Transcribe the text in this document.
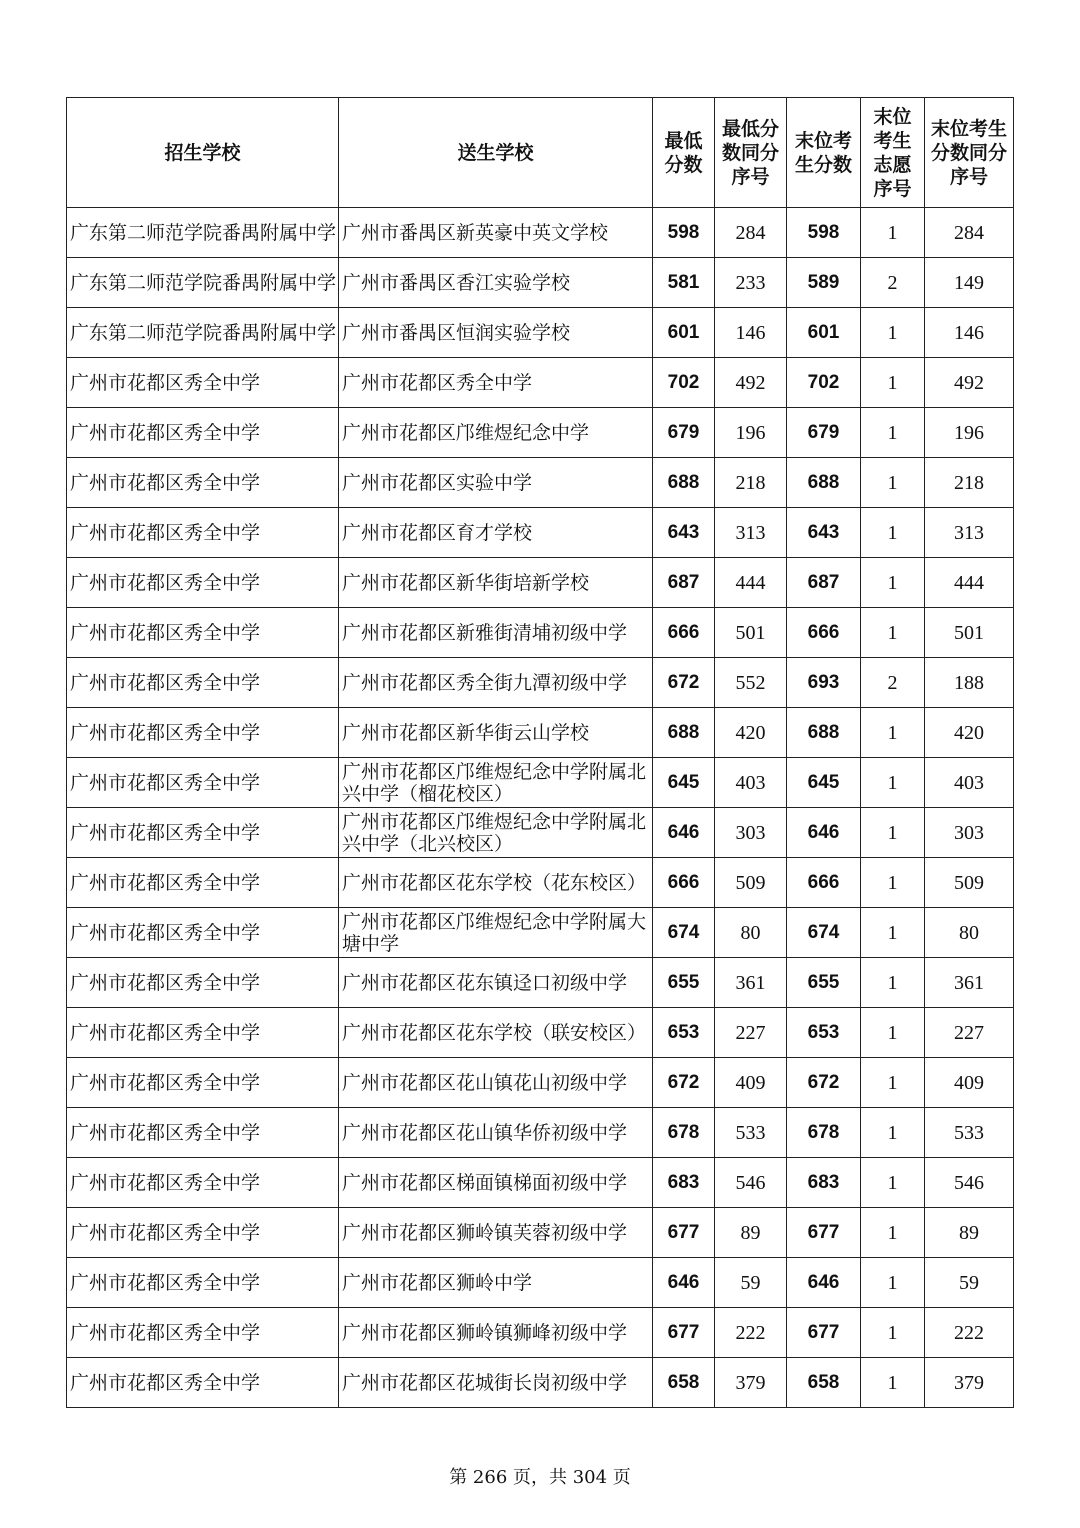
招生学校	送生学校	最低分数	最低分数同分序号	末位考生分数	末位考生志愿序号	末位考生分数同分序号
广东第二师范学院番禺附属中学	广州市番禺区新英豪中英文学校	598	284	598	1	284
广东第二师范学院番禺附属中学	广州市番禺区香江实验学校	581	233	589	2	149
广东第二师范学院番禺附属中学	广州市番禺区恒润实验学校	601	146	601	1	146
广州市花都区秀全中学	广州市花都区秀全中学	702	492	702	1	492
广州市花都区秀全中学	广州市花都区邝维煜纪念中学	679	196	679	1	196
广州市花都区秀全中学	广州市花都区实验中学	688	218	688	1	218
广州市花都区秀全中学	广州市花都区育才学校	643	313	643	1	313
广州市花都区秀全中学	广州市花都区新华街培新学校	687	444	687	1	444
广州市花都区秀全中学	广州市花都区新雅街清埔初级中学	666	501	666	1	501
广州市花都区秀全中学	广州市花都区秀全街九潭初级中学	672	552	693	2	188
广州市花都区秀全中学	广州市花都区新华街云山学校	688	420	688	1	420
广州市花都区秀全中学	广州市花都区邝维煜纪念中学附属北兴中学（榴花校区）	645	403	645	1	403
广州市花都区秀全中学	广州市花都区邝维煜纪念中学附属北兴中学（北兴校区）	646	303	646	1	303
广州市花都区秀全中学	广州市花都区花东学校（花东校区）	666	509	666	1	509
广州市花都区秀全中学	广州市花都区邝维煜纪念中学附属大塘中学	674	80	674	1	80
广州市花都区秀全中学	广州市花都区花东镇迳口初级中学	655	361	655	1	361
广州市花都区秀全中学	广州市花都区花东学校（联安校区）	653	227	653	1	227
广州市花都区秀全中学	广州市花都区花山镇花山初级中学	672	409	672	1	409
广州市花都区秀全中学	广州市花都区花山镇华侨初级中学	678	533	678	1	533
广州市花都区秀全中学	广州市花都区梯面镇梯面初级中学	683	546	683	1	546
广州市花都区秀全中学	广州市花都区狮岭镇芙蓉初级中学	677	89	677	1	89
广州市花都区秀全中学	广州市花都区狮岭中学	646	59	646	1	59
广州市花都区秀全中学	广州市花都区狮岭镇狮峰初级中学	677	222	677	1	222
广州市花都区秀全中学	广州市花都区花城街长岗初级中学	658	379	658	1	379
第 266 页，共 304 页
